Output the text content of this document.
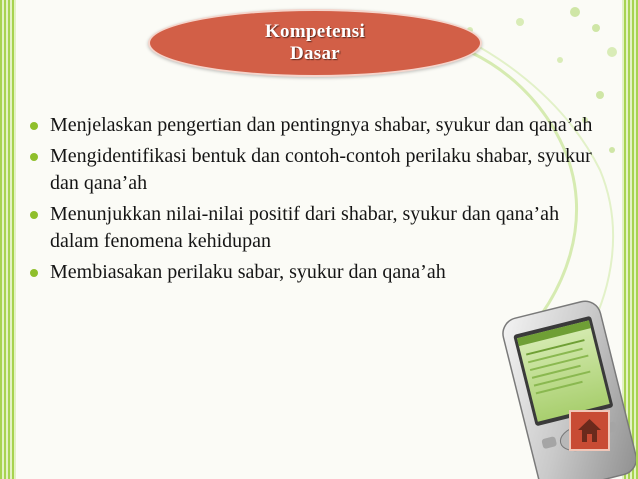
Kompetensi
Dasar
Menjelaskan pengertian dan pentingnya shabar, syukur dan qana’ah
Mengidentifikasi bentuk dan contoh-contoh perilaku shabar, syukur dan qana’ah
Menunjukkan nilai-nilai positif dari shabar, syukur dan qana’ah dalam fenomena kehidupan
Membiasakan perilaku sabar, syukur dan qana’ah
